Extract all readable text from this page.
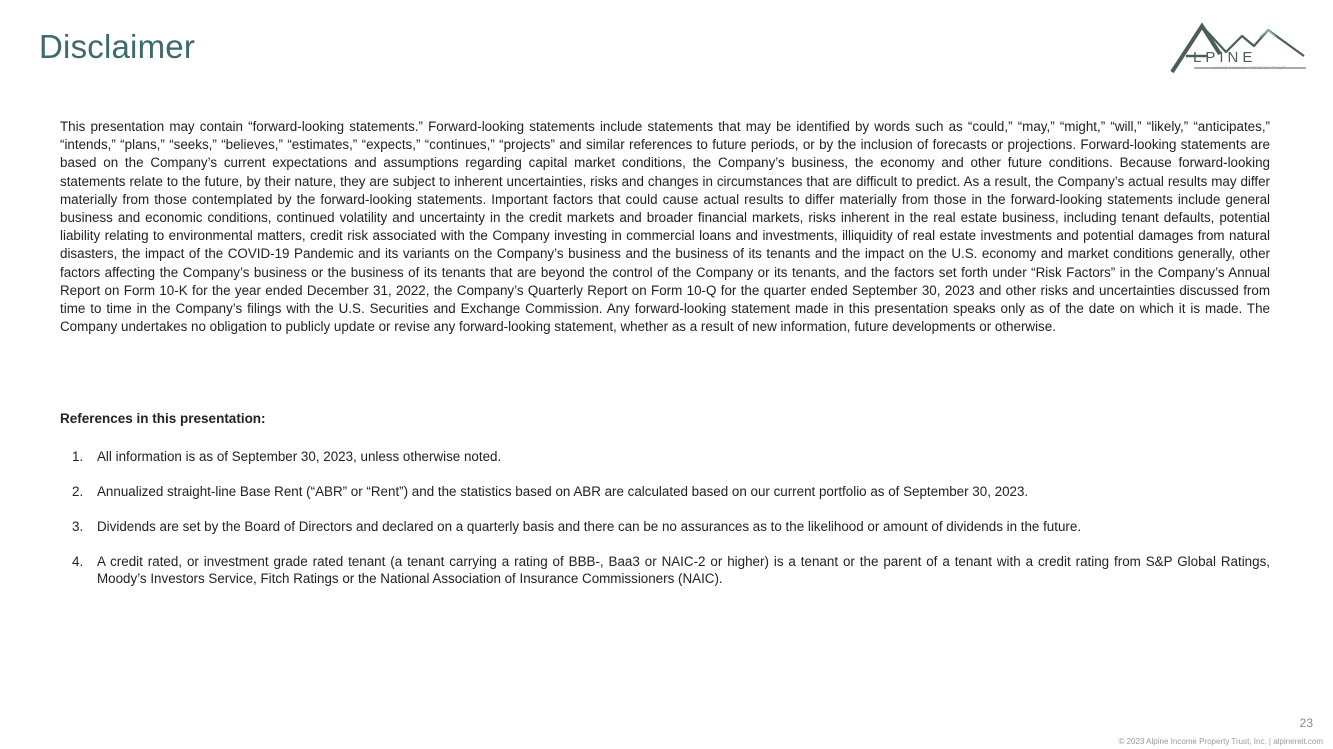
Disclaimer	LPINE
ALPINE INCOME PROPERTY TRUST
This presentation may contain “forward-looking statements.” Forward-looking statements include statements that may be identified by words such as “could,” “may,” “might,” “will,” “likely,” “anticipates,” “intends,” “plans,” “seeks,” “believes,” “estimates,” “expects,” “continues,” “projects” and similar references to future periods, or by the inclusion of forecasts or projections. Forward-looking statements are based on the Company’s current expectations and assumptions regarding capital market conditions, the Company’s business, the economy and other future conditions. Because forward-looking statements relate to the future, by their nature, they are subject to inherent uncertainties, risks and changes in circumstances that are difficult to predict. As a result, the Company’s actual results may differ materially from those contemplated by the forward-looking statements. Important factors that could cause actual results to differ materially from those in the forward-looking statements include general business and economic conditions, continued volatility and uncertainty in the credit markets and broader financial markets, risks inherent in the real estate business, including tenant defaults, potential liability relating to environmental matters, credit risk associated with the Company investing in commercial loans and investments, illiquidity of real estate investments and potential damages from natural disasters, the impact of the COVID-19 Pandemic and its variants on the Company’s business and the business of its tenants and the impact on the U.S. economy and market conditions generally, other factors affecting the Company’s business or the business of its tenants that are beyond the control of the Company or its tenants, and the factors set forth under “Risk Factors” in the Company’s Annual Report on Form 10-K for the year ended December 31, 2022, the Company’s Quarterly Report on Form 10-Q for the quarter ended September 30, 2023 and other risks and uncertainties discussed from time to time in the Company’s filings with the U.S. Securities and Exchange Commission. Any forward-looking statement made in this presentation speaks only as of the date on which it is made. The Company undertakes no obligation to publicly update or revise any forward-looking statement, whether as a result of new information, future developments or otherwise.
References in this presentation:
1.	All information is as of September 30, 2023, unless otherwise noted.
2.	Annualized straight-line Base Rent (“ABR” or “Rent”) and the statistics based on ABR are calculated based on our current portfolio as of September 30, 2023.
3.	Dividends are set by the Board of Directors and declared on a quarterly basis and there can be no assurances as to the likelihood or amount of dividends in the future.
4.	A credit rated, or investment grade rated tenant (a tenant carrying a rating of BBB-, Baa3 or NAIC-2 or higher) is a tenant or the parent of a tenant with a credit rating from S&P Global Ratings, Moody’s Investors Service, Fitch Ratings or the National Association of Insurance Commissioners (NAIC).
23
© 2023 Alpine Income Property Trust, Inc. | alpinereit.com
